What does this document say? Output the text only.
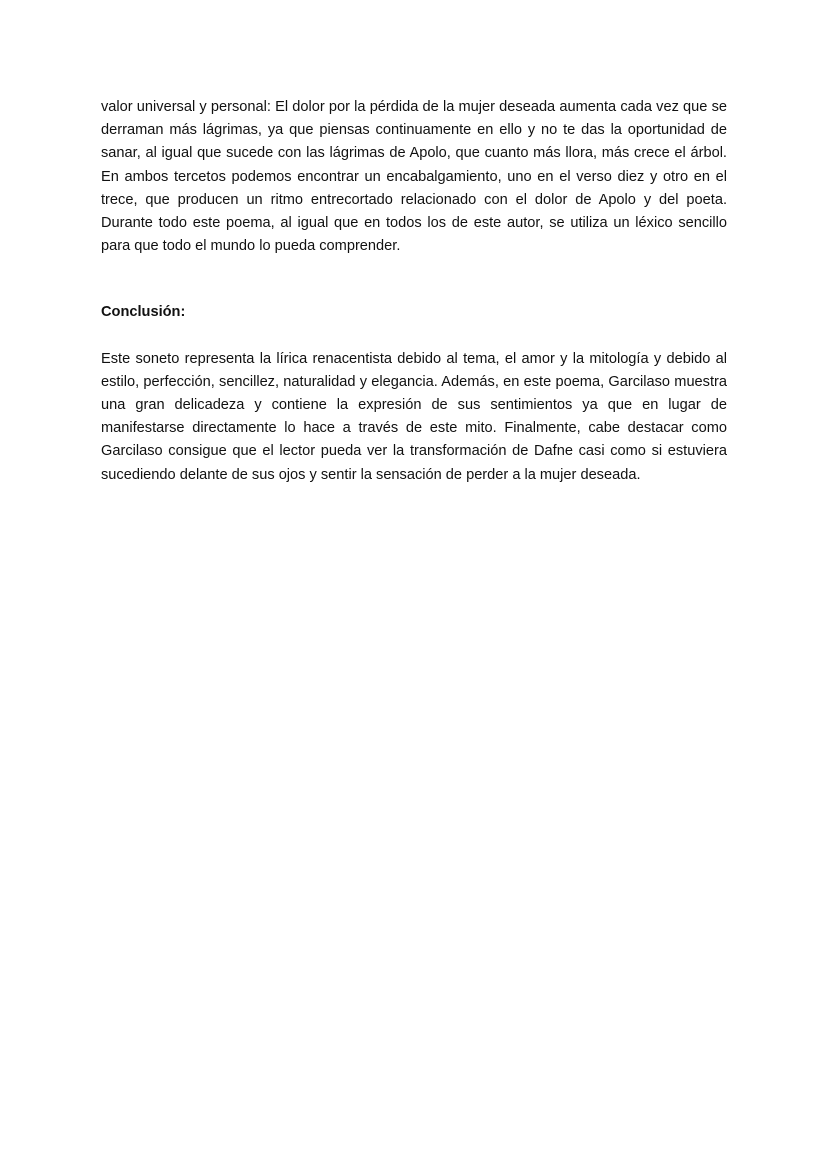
valor universal y personal: El dolor por la pérdida de la mujer deseada aumenta cada vez que se derraman más lágrimas, ya que piensas continuamente en ello y no te das la oportunidad de sanar, al igual que sucede con las lágrimas de Apolo, que cuanto más llora, más crece el árbol. En ambos tercetos podemos encontrar un encabalgamiento, uno en el verso diez y otro en el trece, que producen un ritmo entrecortado relacionado con el dolor de Apolo y del poeta. Durante todo este poema, al igual que en todos los de este autor, se utiliza un léxico sencillo para que todo el mundo lo pueda comprender.

Conclusión:

Este soneto representa la lírica renacentista debido al tema, el amor y la mitología y debido al estilo, perfección, sencillez, naturalidad y elegancia. Además, en este poema, Garcilaso muestra una gran delicadeza y contiene la expresión de sus sentimientos ya que en lugar de manifestarse directamente lo hace a través de este mito. Finalmente, cabe destacar como Garcilaso consigue que el lector pueda ver la transformación de Dafne casi como si estuviera sucediendo delante de sus ojos y sentir la sensación de perder a la mujer deseada.
